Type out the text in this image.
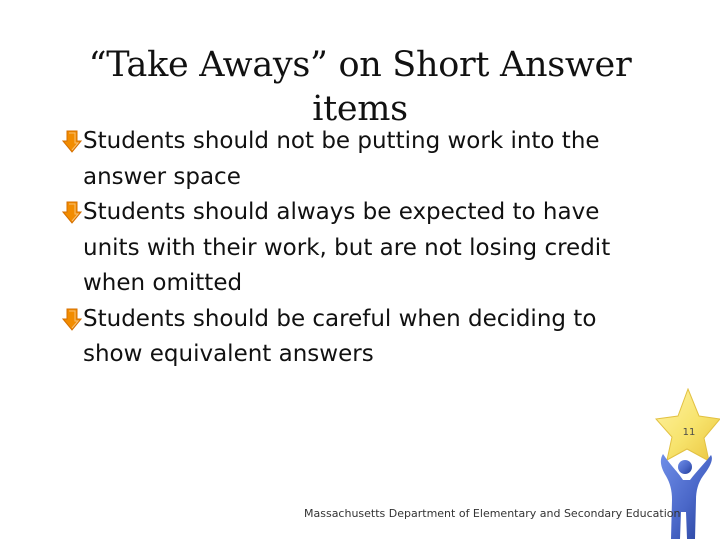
“Take Aways” on Short Answer
items
Students should not be putting work into the
answer space
Students should always be expected to have
units with their work, but are not losing credit
when omitted
Students should be careful when deciding to
show equivalent answers
11
Massachusetts Department of Elementary and Secondary Education
